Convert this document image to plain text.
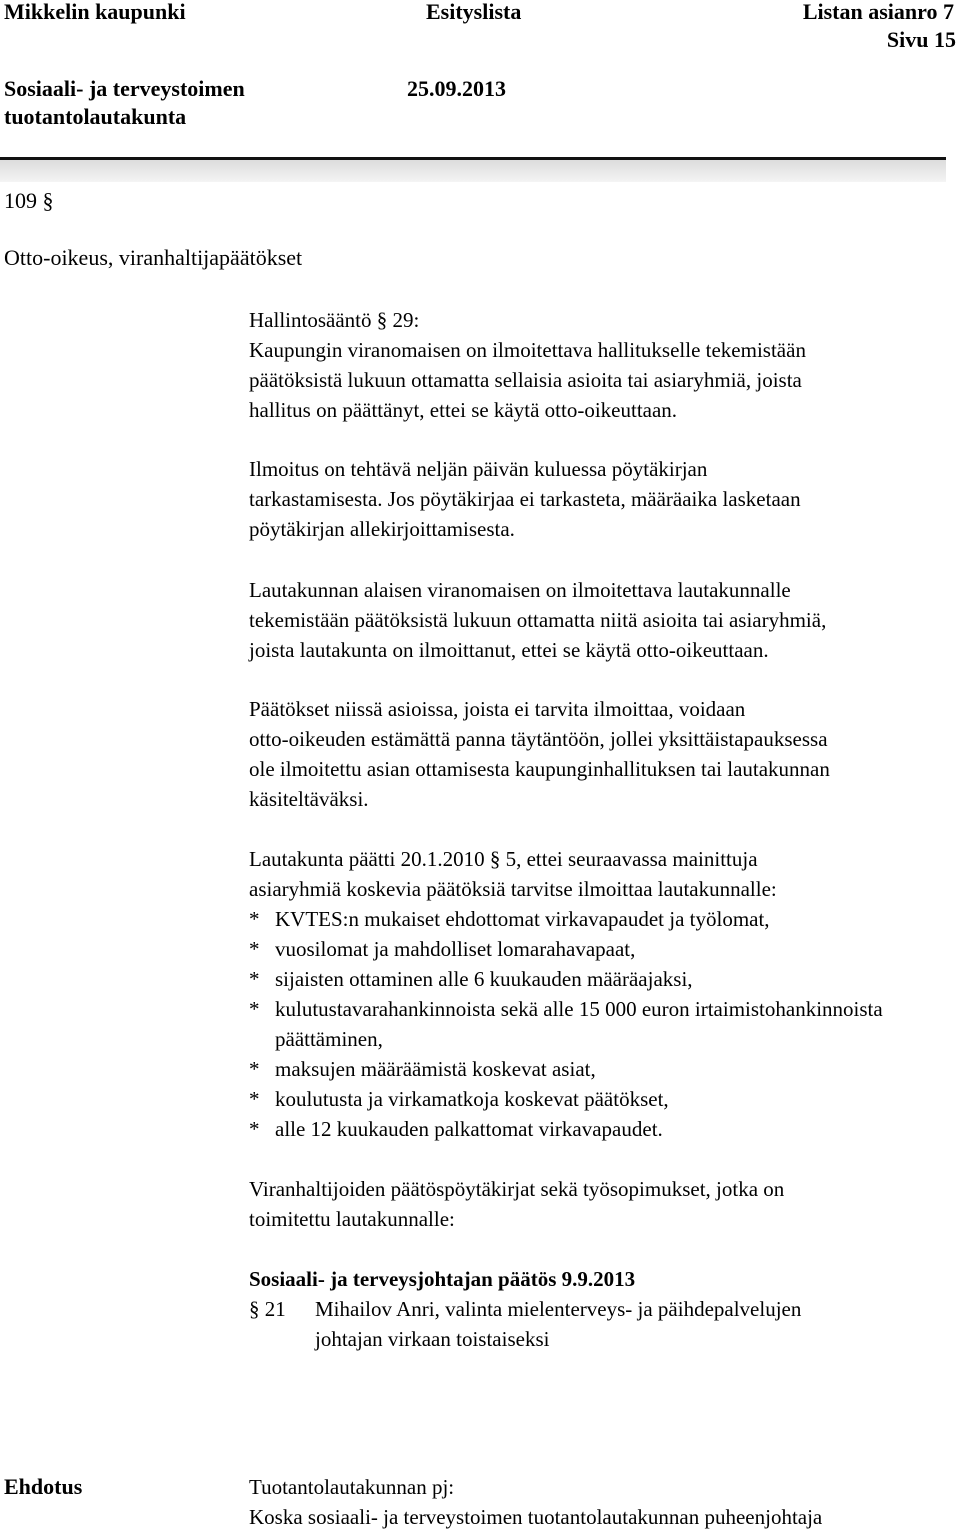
Mikkelin kaupunki	Esityslista	Listan asianro 7
Sivu 15
Sosiaali- ja terveystoimen
tuotantolautakunta
25.09.2013
109 §
Otto-oikeus, viranhaltijapäätökset

Hallintosääntö § 29:

Kaupungin viranomaisen on ilmoitettava hallitukselle tekemistään

päätöksistä lukuun ottamatta sellaisia asioita tai asiaryhmiä, joista

hallitus on päättänyt, ettei se käytä otto-oikeuttaan.

Ilmoitus on tehtävä neljän päivän kuluessa pöytäkirjan

tarkastamisesta. Jos pöytäkirjaa ei tarkasteta, määräaika lasketaan

pöytäkirjan allekirjoittamisesta.

Lautakunnan alaisen viranomaisen on ilmoitettava lautakunnalle

tekemistään päätöksistä lukuun ottamatta niitä asioita tai asiaryhmiä,

joista lautakunta on ilmoittanut, ettei se käytä otto-oikeuttaan.

Päätökset niissä asioissa, joista ei tarvita ilmoittaa, voidaan

otto-oikeuden estämättä panna täytäntöön, jollei yksittäistapauksessa

ole ilmoitettu asian ottamisesta kaupunginhallituksen tai lautakunnan

käsiteltäväksi.

Lautakunta päätti 20.1.2010 § 5, ettei seuraavassa mainittuja

asiaryhmiä koskevia päätöksiä tarvitse ilmoittaa lautakunnalle:

* KVTES:n mukaiset ehdottomat virkavapaudet ja työlomat,
* vuosilomat ja mahdolliset lomarahavapaat,
* sijaisten ottaminen alle 6 kuukauden määräajaksi,
* kulutustavarahankinnoista sekä alle 15 000 euron irtaimistohankinnoista päättäminen,
* maksujen määräämistä koskevat asiat,
* koulutusta ja virkamatkoja koskevat päätökset,
* alle 12 kuukauden palkattomat virkavapaudet.

Viranhaltijoiden päätöspöytäkirjat sekä työsopimukset, jotka on

toimitettu lautakunnalle:

Sosiaali- ja terveysjohtajan päätös 9.9.2013
§ 21 Mihailov Anri, valinta mielenterveys- ja päihdepalvelujen
johtajan virkaan toistaiseksi
Ehdotus	Tuotantolautakunnan pj:
Koska sosiaali- ja terveystoimen tuotantolautakunnan puheenjohtaja
